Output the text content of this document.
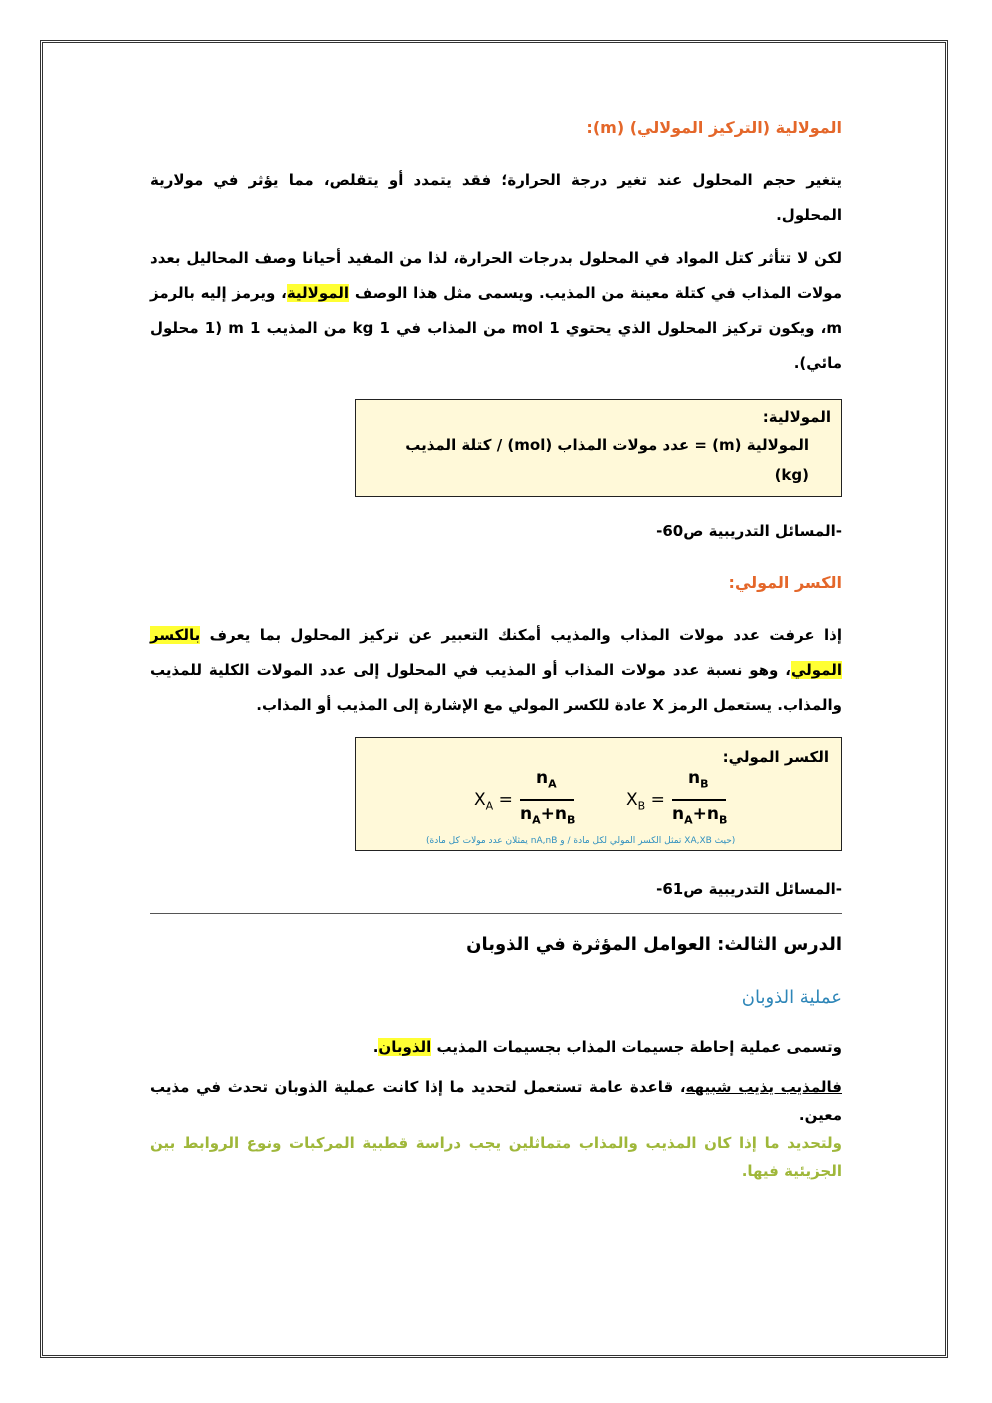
المولالية (التركيز المولالي) (m):

يتغير حجم المحلول عند تغير درجة الحرارة؛ فقد يتمدد أو يتقلص، مما يؤثر في مولارية المحلول.

لكن لا تتأثر كتل المواد في المحلول بدرجات الحرارة، لذا من المفيد أحيانا وصف المحاليل بعدد مولات المذاب في كتلة معينة من المذيب. ويسمى مثل هذا الوصف المولالية، ويرمز إليه بالرمز m، ويكون تركيز المحلول الذي يحتوي 1 mol من المذاب في 1 kg من المذيب 1 m (1 محلول مائي).

المولالية:
المولالية (m) = عدد مولات المذاب (mol) / كتلة المذيب (kg)
-المسائل التدريبية ص60-
الكسر المولي:

إذا عرفت عدد مولات المذاب والمذيب أمكنك التعبير عن تركيز المحلول بما يعرف بالكسر المولي، وهو نسبة عدد مولات المذاب أو المذيب في المحلول إلى عدد المولات الكلية للمذيب والمذاب. يستعمل الرمز X عادة للكسر المولي مع الإشارة إلى المذيب أو المذاب.

الكسر المولي:
$X_A$ =
$n_A$
$n_A+n_B$
$X_B$ =
$n_B$
$n_A+n_B$
(حيث XA,XB تمثل الكسر المولي لكل مادة / و nA,nB يمثلان عدد مولات كل مادة)
-المسائل التدريبية ص61-
الدرس الثالث: العوامل المؤثرة في الذوبان
عملية الذوبان

وتسمى عملية إحاطة جسيمات المذاب بجسيمات المذيب الذوبان.

فالمذيب يذيب شبيهه، قاعدة عامة تستعمل لتحديد ما إذا كانت عملية الذوبان تحدث في مذيب معين.

ولتحديد ما إذا كان المذيب والمذاب متماثلين يجب دراسة قطبية المركبات ونوع الروابط بين الجزيئية فيها.
